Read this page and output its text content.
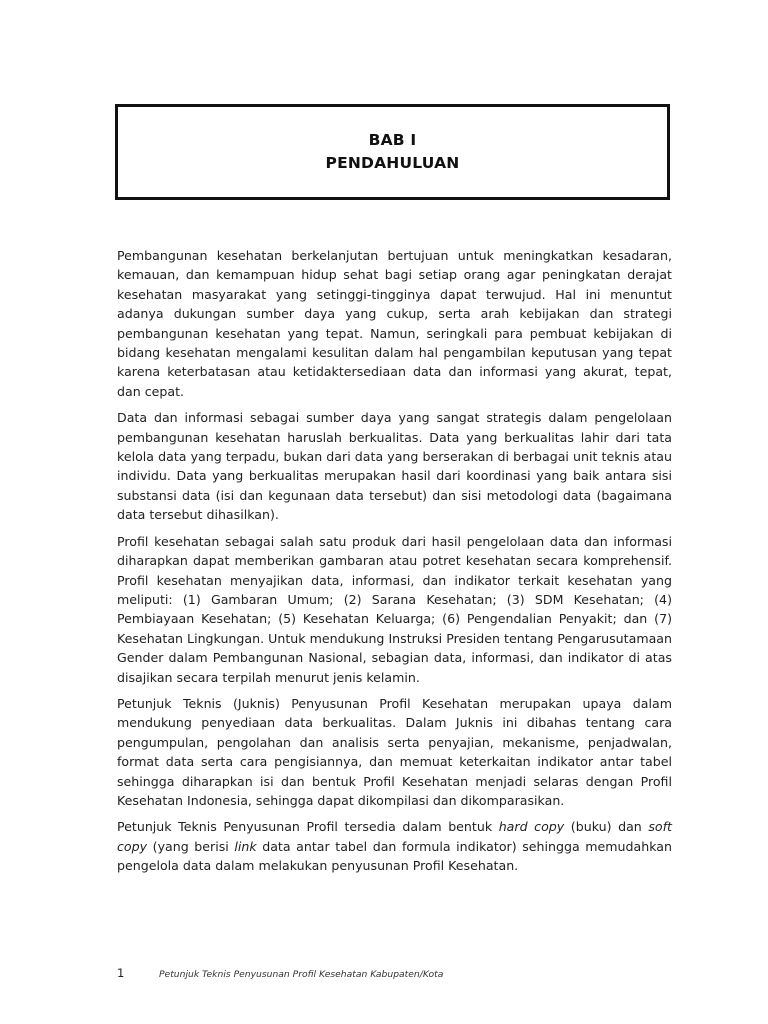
BAB I
PENDAHULUAN

Pembangunan kesehatan berkelanjutan bertujuan untuk meningkatkan kesadaran, kemauan, dan kemampuan hidup sehat bagi setiap orang agar peningkatan derajat kesehatan masyarakat yang setinggi-tingginya dapat terwujud. Hal ini menuntut adanya dukungan sumber daya yang cukup, serta arah kebijakan dan strategi pembangunan kesehatan yang tepat. Namun, seringkali para pembuat kebijakan di bidang kesehatan mengalami kesulitan dalam hal pengambilan keputusan yang tepat karena keterbatasan atau ketidaktersediaan data dan informasi yang akurat, tepat, dan cepat.

Data dan informasi sebagai sumber daya yang sangat strategis dalam pengelolaan pembangunan kesehatan haruslah berkualitas. Data yang berkualitas lahir dari tata kelola data yang terpadu, bukan dari data yang berserakan di berbagai unit teknis atau individu. Data yang berkualitas merupakan hasil dari koordinasi yang baik antara sisi substansi data (isi dan kegunaan data tersebut) dan sisi metodologi data (bagaimana data tersebut dihasilkan).

Profil kesehatan sebagai salah satu produk dari hasil pengelolaan data dan informasi diharapkan dapat memberikan gambaran atau potret kesehatan secara komprehensif. Profil kesehatan menyajikan data, informasi, dan indikator terkait kesehatan yang meliputi: (1) Gambaran Umum; (2) Sarana Kesehatan; (3) SDM Kesehatan; (4) Pembiayaan Kesehatan; (5) Kesehatan Keluarga; (6) Pengendalian Penyakit; dan (7) Kesehatan Lingkungan. Untuk mendukung Instruksi Presiden tentang Pengarusutamaan Gender dalam Pembangunan Nasional, sebagian data, informasi, dan indikator di atas disajikan secara terpilah menurut jenis kelamin.

Petunjuk Teknis (Juknis) Penyusunan Profil Kesehatan merupakan upaya dalam mendukung penyediaan data berkualitas. Dalam Juknis ini dibahas tentang cara pengumpulan, pengolahan dan analisis serta penyajian, mekanisme, penjadwalan, format data serta cara pengisiannya, dan memuat keterkaitan indikator antar tabel sehingga diharapkan isi dan bentuk Profil Kesehatan menjadi selaras dengan Profil Kesehatan Indonesia, sehingga dapat dikompilasi dan dikomparasikan.

Petunjuk Teknis Penyusunan Profil tersedia dalam bentuk hard copy (buku) dan soft copy (yang berisi link data antar tabel dan formula indikator) sehingga memudahkan pengelola data dalam melakukan penyusunan Profil Kesehatan.

1	Petunjuk Teknis Penyusunan Profil Kesehatan Kabupaten/Kota
